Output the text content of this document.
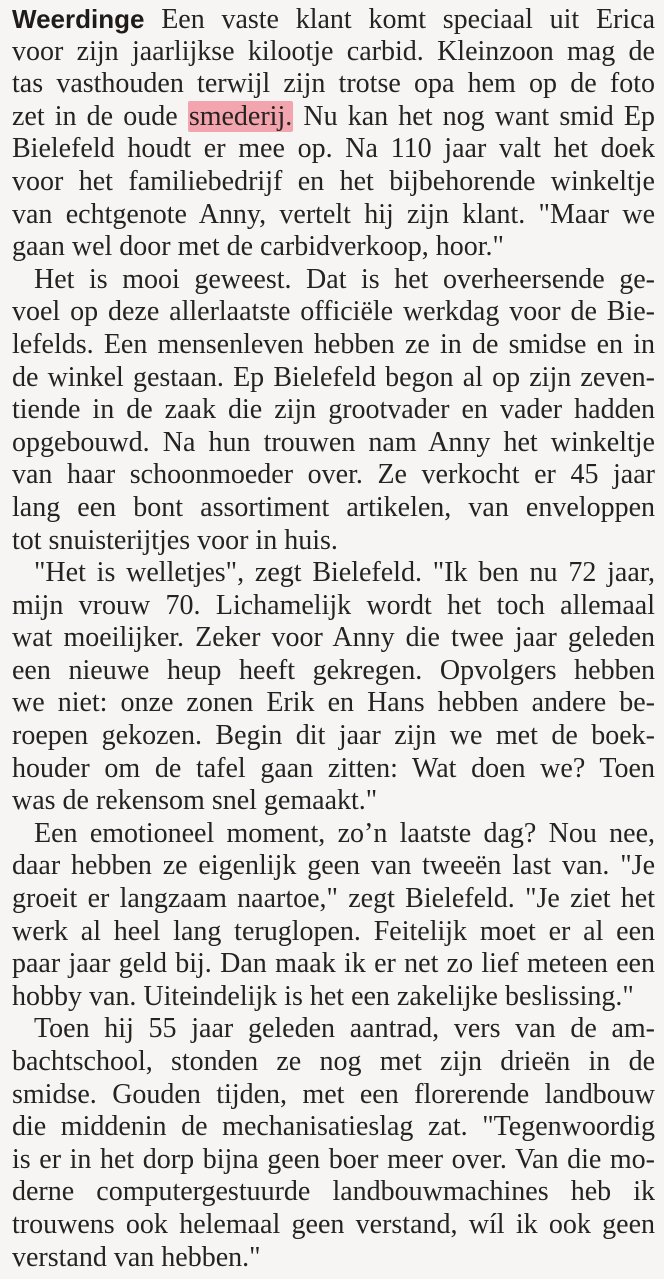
Weerdinge Een vaste klant komt speciaal uit Erica
voor zijn jaarlijkse kilootje carbid. Kleinzoon mag de
tas vasthouden terwijl zijn trotse opa hem op de foto
zet in de oude smederij. Nu kan het nog want smid Ep
Bielefeld houdt er mee op. Na 110 jaar valt het doek
voor het familiebedrijf en het bijbehorende winkeltje
van echtgenote Anny, vertelt hij zijn klant. "Maar we
gaan wel door met de carbidverkoop, hoor."
Het is mooi geweest. Dat is het overheersende ge-
voel op deze allerlaatste officiële werkdag voor de Bie-
lefelds. Een mensenleven hebben ze in de smidse en in
de winkel gestaan. Ep Bielefeld begon al op zijn zeven-
tiende in de zaak die zijn grootvader en vader hadden
opgebouwd. Na hun trouwen nam Anny het winkeltje
van haar schoonmoeder over. Ze verkocht er 45 jaar
lang een bont assortiment artikelen, van enveloppen
tot snuisterijtjes voor in huis.
"Het is welletjes", zegt Bielefeld. "Ik ben nu 72 jaar,
mijn vrouw 70. Lichamelijk wordt het toch allemaal
wat moeilijker. Zeker voor Anny die twee jaar geleden
een nieuwe heup heeft gekregen. Opvolgers hebben
we niet: onze zonen Erik en Hans hebben andere be-
roepen gekozen. Begin dit jaar zijn we met de boek-
houder om de tafel gaan zitten: Wat doen we? Toen
was de rekensom snel gemaakt."
Een emotioneel moment, zo’n laatste dag? Nou nee,
daar hebben ze eigenlijk geen van tweeën last van. "Je
groeit er langzaam naartoe," zegt Bielefeld. "Je ziet het
werk al heel lang teruglopen. Feitelijk moet er al een
paar jaar geld bij. Dan maak ik er net zo lief meteen een
hobby van. Uiteindelijk is het een zakelijke beslissing."
Toen hij 55 jaar geleden aantrad, vers van de am-
bachtschool, stonden ze nog met zijn drieën in de
smidse. Gouden tijden, met een florerende landbouw
die middenin de mechanisatieslag zat. "Tegenwoordig
is er in het dorp bijna geen boer meer over. Van die mo-
derne computergestuurde landbouwmachines heb ik
trouwens ook helemaal geen verstand, wíl ik ook geen
verstand van hebben."
